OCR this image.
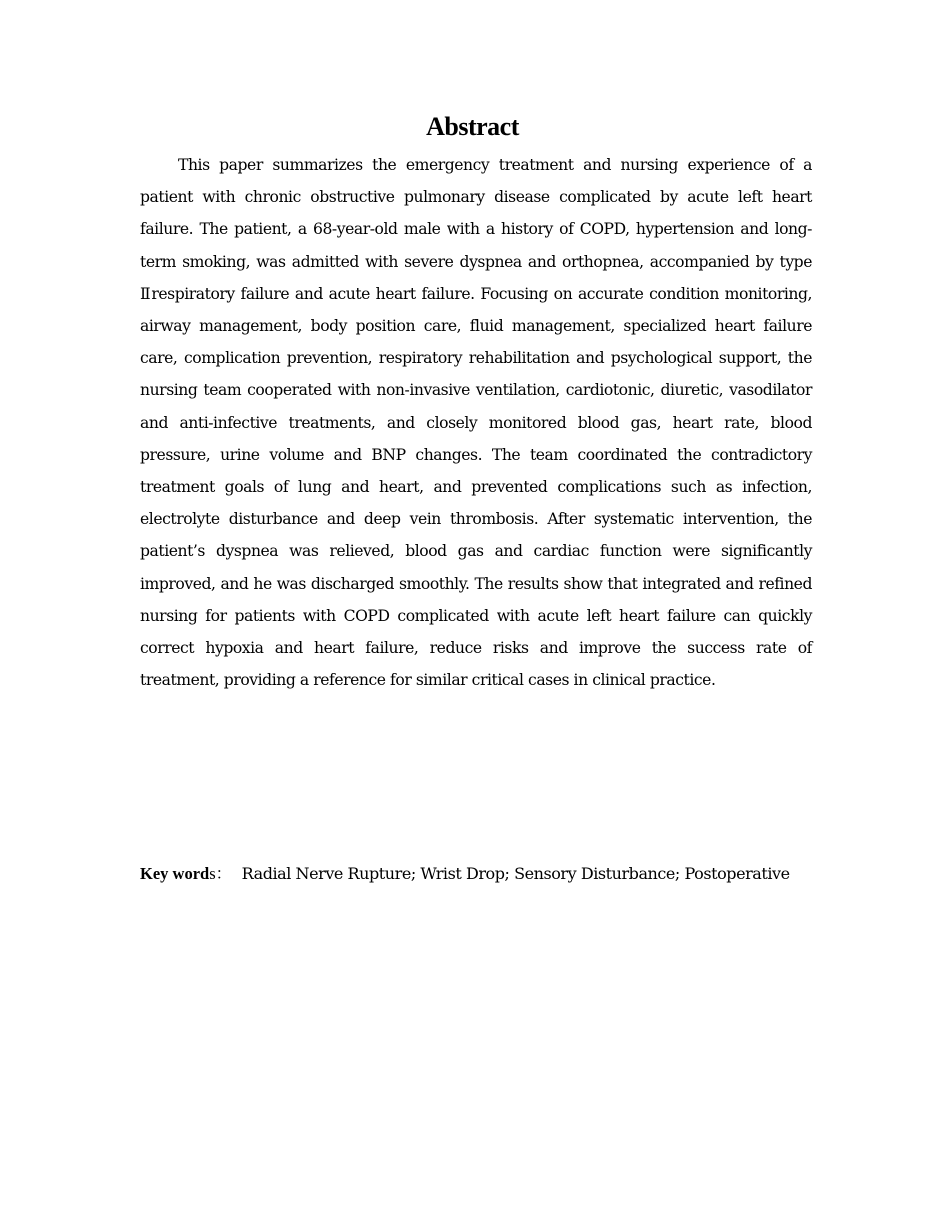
Abstract

This paper summarizes the emergency treatment and nursing experience of a patient with chronic obstructive pulmonary disease complicated by acute left heart failure. The patient, a 68-year-old male with a history of COPD, hypertension and long-term smoking, was admitted with severe dyspnea and orthopnea, accompanied by type Ⅱrespiratory failure and acute heart failure. Focusing on accurate condition monitoring, airway management, body position care, fluid management, specialized heart failure care, complication prevention, respiratory rehabilitation and psychological support, the nursing team cooperated with non-invasive ventilation, cardiotonic, diuretic, vasodilator and anti-infective treatments, and closely monitored blood gas, heart rate, blood pressure, urine volume and BNP changes. The team coordinated the contradictory treatment goals of lung and heart, and prevented complications such as infection, electrolyte disturbance and deep vein thrombosis. After systematic intervention, the patient’s dyspnea was relieved, blood gas and cardiac function were significantly improved, and he was discharged smoothly. The results show that integrated and refined nursing for patients with COPD complicated with acute left heart failure can quickly correct hypoxia and heart failure, reduce risks and improve the success rate of treatment, providing a reference for similar critical cases in clinical practice.

Key words： Radial Nerve Rupture; Wrist Drop; Sensory Disturbance; Postoperative
